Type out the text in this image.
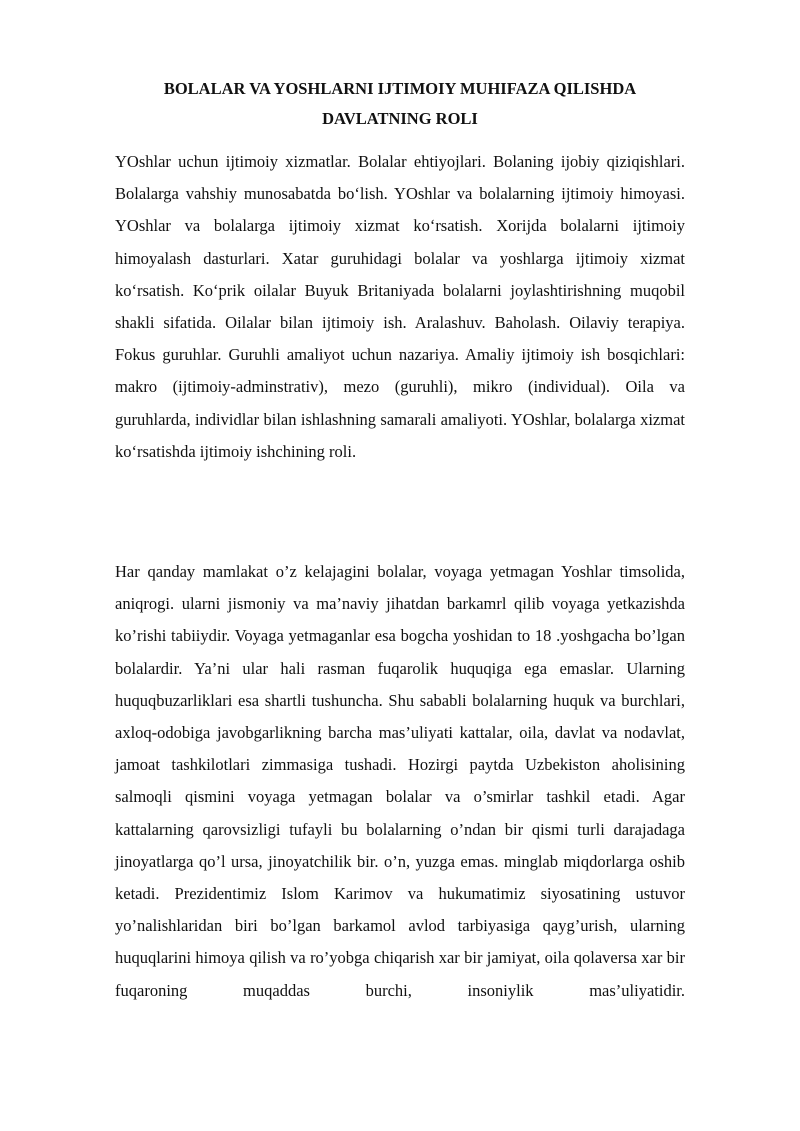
BOLALAR VA YOSHLARNI IJTIMOIY MUHIFAZA QILISHDA
DAVLATNING ROLI

YOshlar uchun ijtimoiy xizmatlar. Bolalar ehtiyojlari. Bolaning ijobiy qiziqishlari. Bolalarga vahshiy munosabatda bo‘lish. YOshlar va bolalarning ijtimoiy himoyasi. YOshlar va bolalarga ijtimoiy xizmat ko‘rsatish. Xorijda bolalarni ijtimoiy himoyalash dasturlari. Xatar guruhidagi bolalar va yoshlarga ijtimoiy xizmat ko‘rsatish. Ko‘prik oilalar Buyuk Britaniyada bolalarni joylashtirishning muqobil shakli sifatida. Oilalar bilan ijtimoiy ish. Aralashuv. Baholash. Oilaviy terapiya. Fokus guruhlar. Guruhli amaliyot uchun nazariya. Amaliy ijtimoiy ish bosqichlari: makro (ijtimoiy-adminstrativ), mezo (guruhli), mikro (individual). Oila va guruhlarda, individlar bilan ishlashning samarali amaliyoti. YOshlar, bolalarga xizmat ko‘rsatishda ijtimoiy ishchining roli.

Har qanday mamlakat o’z kelajagini bolalar, voyaga yetmagan Yoshlar timsolida, aniqrogi. ularni jismoniy va ma’naviy jihatdan barkamrl qilib voyaga yetkazishda ko’rishi tabiiydir. Voyaga yetmaganlar esa bogcha yoshidan to 18 .yoshgacha bo’lgan bolalardir. Ya’ni ular hali rasman fuqarolik huquqiga ega emaslar. Ularning huquqbuzarliklari esa shartli tushuncha. Shu sababli bolalarning huquk va burchlari, axloq-odobiga javobgarlikning barcha mas’uliyati kattalar, oila, davlat va nodavlat, jamoat tashkilotlari zimmasiga tushadi. Hozirgi paytda Uzbekiston aholisining salmoqli qismini voyaga yetmagan bolalar va o’smirlar tashkil etadi. Agar kattalarning qarovsizligi tufayli bu bolalarning o’ndan bir qismi turli darajadaga jinoyatlarga qo’l ursa, jinoyatchilik bir. o’n, yuzga emas. minglab miqdorlarga oshib ketadi. Prezidentimiz Islom Karimov va hukumatimiz siyosatining ustuvor yo’nalishlaridan biri bo’lgan barkamol avlod tarbiyasiga qayg’urish, ularning huquqlarini himoya qilish va ro’yobga chiqarish xar bir jamiyat, oila qolaversa xar bir fuqaroning muqaddas burchi, insoniylik mas’uliyatidir.
